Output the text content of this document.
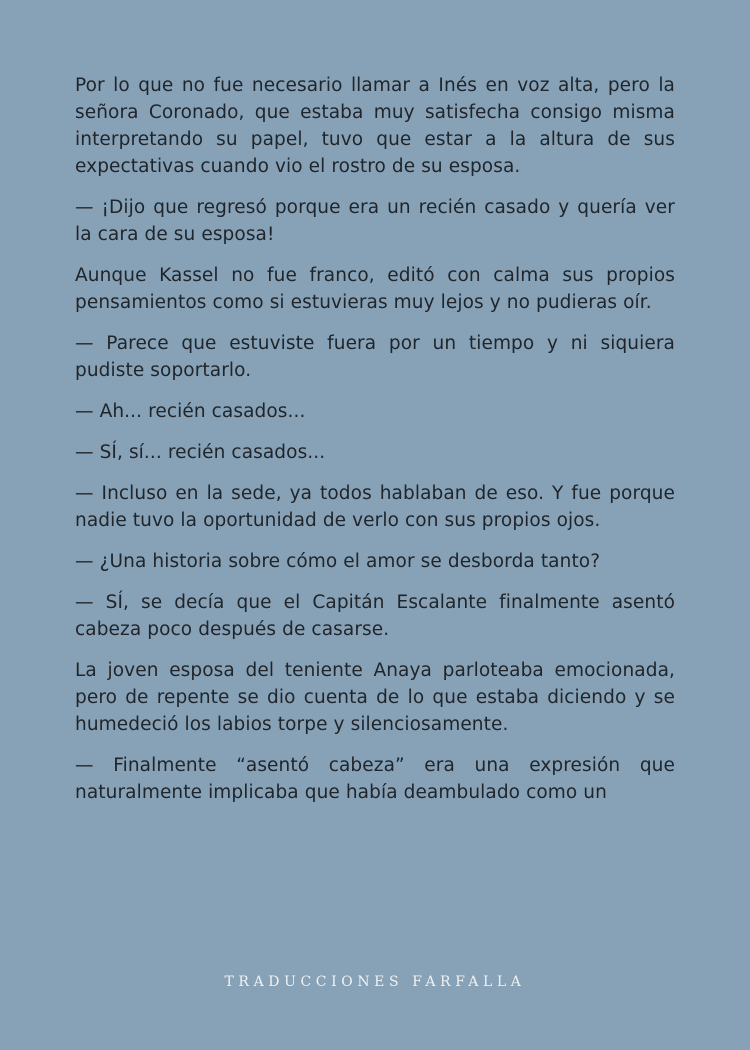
Por lo que no fue necesario llamar a Inés en voz alta, pero la señora Coronado, que estaba muy satisfecha consigo misma interpretando su papel, tuvo que estar a la altura de sus expectativas cuando vio el rostro de su esposa.

— ¡Dijo que regresó porque era un recién casado y quería ver la cara de su esposa!

Aunque Kassel no fue franco, editó con calma sus propios pensamientos como si estuvieras muy lejos y no pudieras oír.

— Parece que estuviste fuera por un tiempo y ni siquiera pudiste soportarlo.

— Ah... recién casados...

— SÍ, sí... recién casados...

— Incluso en la sede, ya todos hablaban de eso. Y fue porque nadie tuvo la oportunidad de verlo con sus propios ojos.

— ¿Una historia sobre cómo el amor se desborda tanto?

— SÍ, se decía que el Capitán Escalante finalmente asentó cabeza poco después de casarse.

La joven esposa del teniente Anaya parloteaba emocionada, pero de repente se dio cuenta de lo que estaba diciendo y se humedeció los labios torpe y silenciosamente.

— Finalmente “asentó cabeza” era una expresión que naturalmente implicaba que había deambulado como un

TRADUCCIONES FARFALLA
